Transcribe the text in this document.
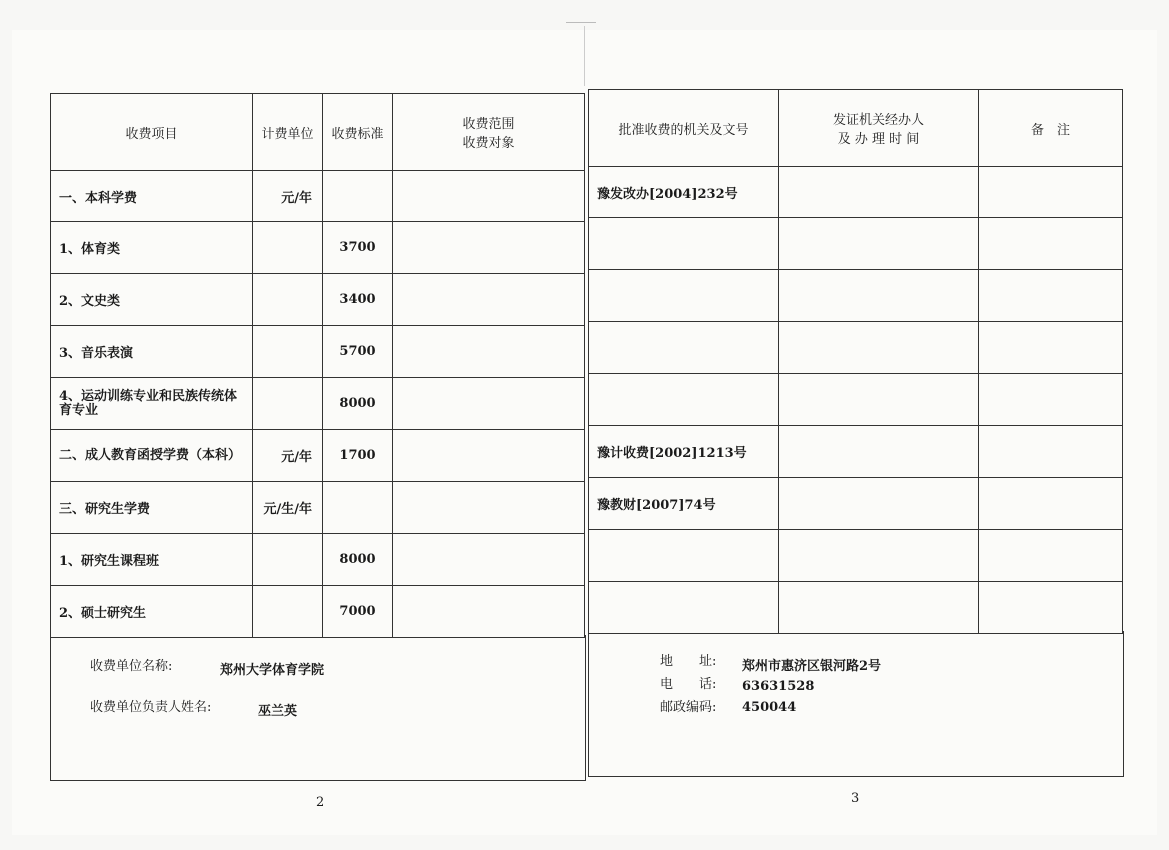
收费项目	计费单位	收费标准	收费范围
收费对象

一、本科学费	元/年		
1、体育类		3700	
2、文史类		3400	
3、音乐表演		5700	
4、运动训练专业和民族传统体育专业		8000	
二、成人教育函授学费（本科）	元/年	1700	
三、研究生学费	元/生/年		
1、研究生课程班		8000	
2、硕士研究生		7000	
收费单位名称:	郑州大学体育学院
收费单位负责人姓名:	巫兰英
批准收费的机关及文号	发证机关经办人
及 办 理 时 间	备　注
豫发改办[2004]232号		

豫计收费[2002]1213号		
豫教财[2007]74号		

地　　址: 郑州市惠济区银河路2号
电　　话: 63631528
邮政编码: 450044
2	3
